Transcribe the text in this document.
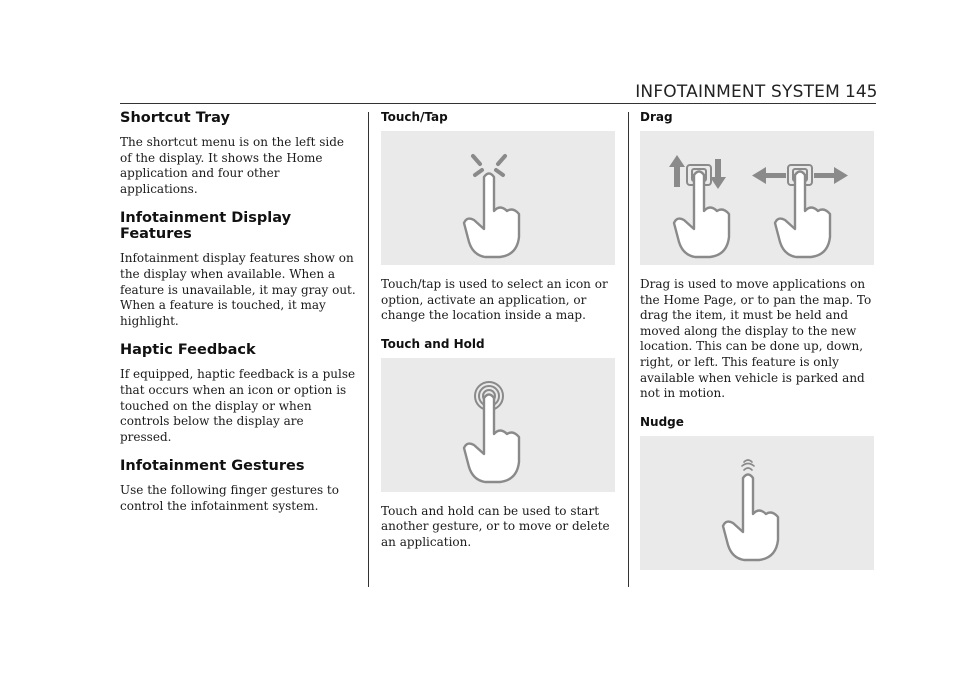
INFOTAINMENT SYSTEM 145
Shortcut Tray

The shortcut menu is on the left side of the display. It shows the Home application and four other applications.

Infotainment Display Features

Infotainment display features show on the display when available. When a feature is unavailable, it may gray out. When a feature is touched, it may highlight.

Haptic Feedback

If equipped, haptic feedback is a pulse that occurs when an icon or option is touched on the display or when controls below the display are pressed.

Infotainment Gestures

Use the following finger gestures to control the infotainment system.

Touch/Tap

Touch/tap is used to select an icon or option, activate an application, or change the location inside a map.

Touch and Hold

Touch and hold can be used to start another gesture, or to move or delete an application.

Drag

Drag is used to move applications on the Home Page, or to pan the map. To drag the item, it must be held and moved along the display to the new location. This can be done up, down, right, or left. This feature is only available when vehicle is parked and not in motion.

Nudge
